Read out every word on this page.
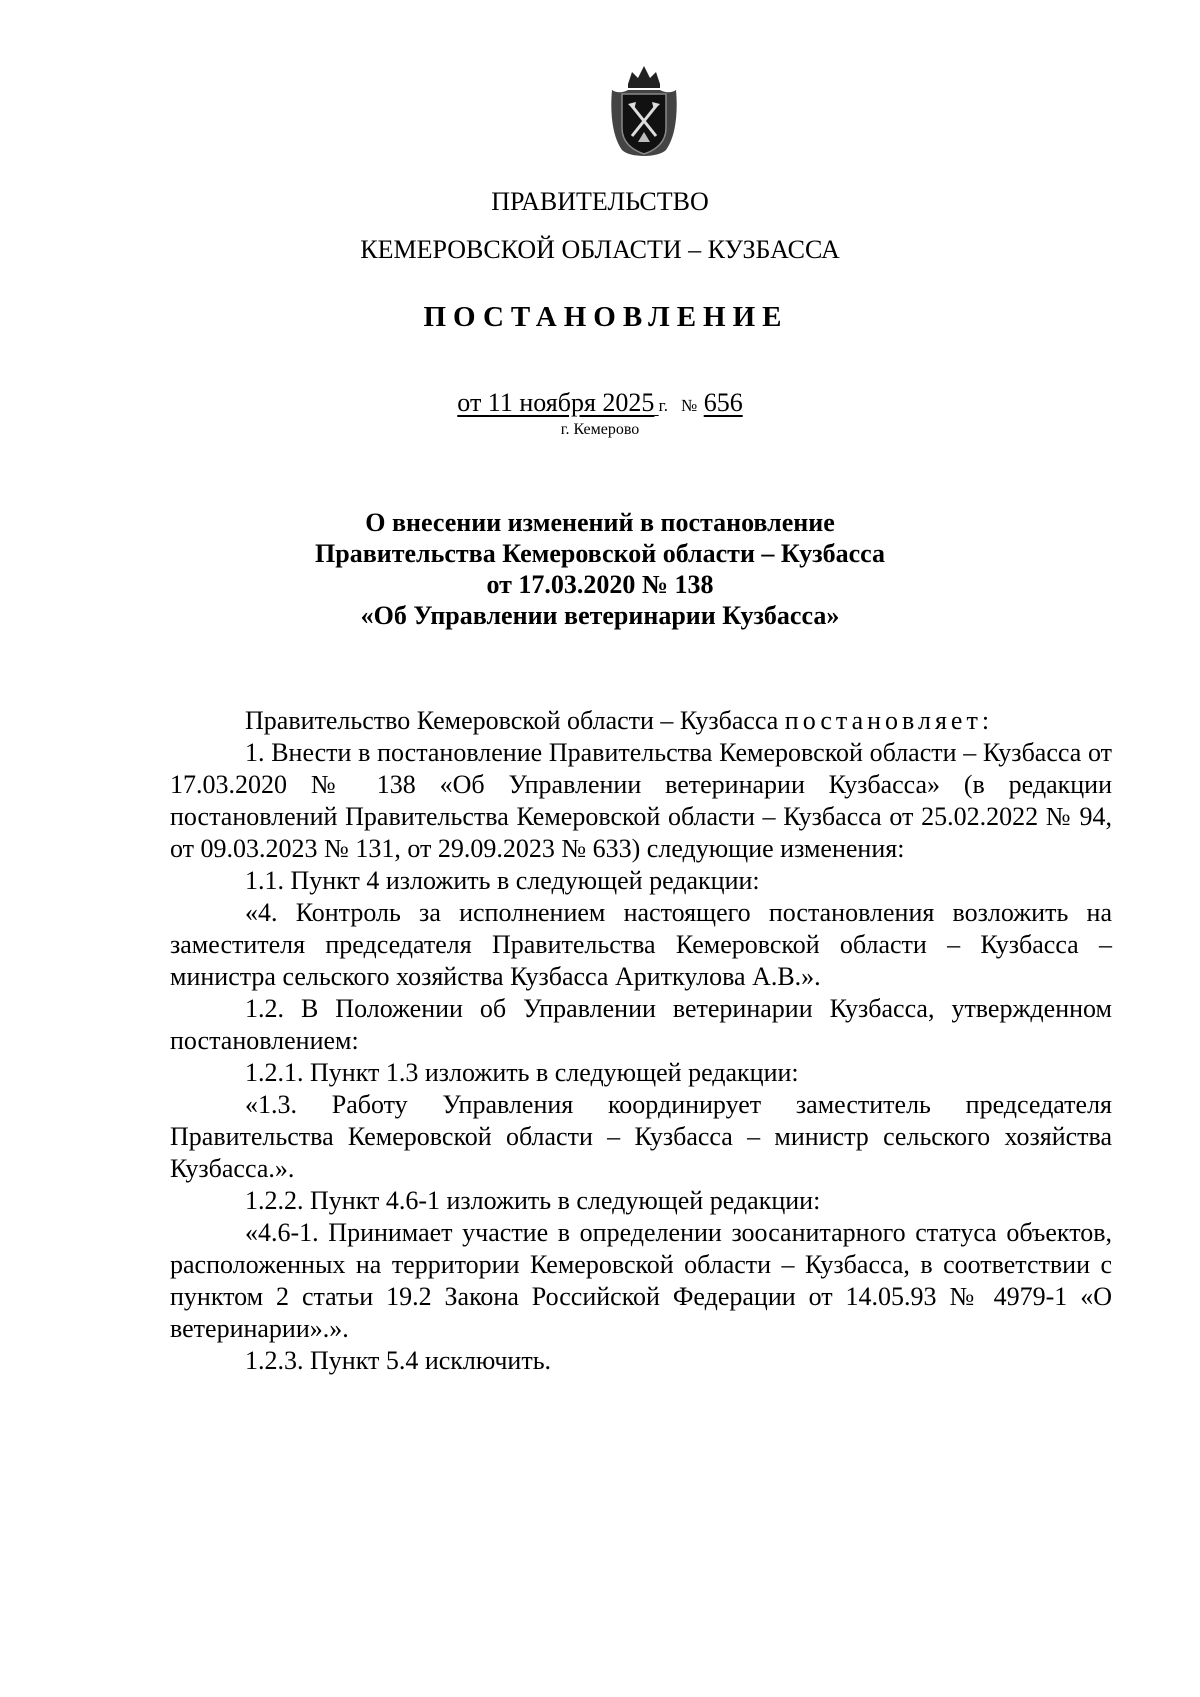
ПРАВИТЕЛЬСТВО
КЕМЕРОВСКОЙ ОБЛАСТИ – КУЗБАССА
ПОСТАНОВЛЕНИЕ
от 11 ноября 2025 г. № 656
г. Кемерово
О внесении изменений в постановление
Правительства Кемеровской области – Кузбасса
от 17.03.2020 № 138
«Об Управлении ветеринарии Кузбасса»

Правительство Кемеровской области – Кузбасса постановляет:

1. Внести в постановление Правительства Кемеровской области – Кузбасса от 17.03.2020 № 138 «Об Управлении ветеринарии Кузбасса» (в редакции постановлений Правительства Кемеровской области – Кузбасса от 25.02.2022 № 94, от 09.03.2023 № 131, от 29.09.2023 № 633) следующие изменения:

1.1. Пункт 4 изложить в следующей редакции:

«4. Контроль за исполнением настоящего постановления возложить на заместителя председателя Правительства Кемеровской области – Кузбасса – министра сельского хозяйства Кузбасса Ариткулова А.В.».

1.2. В Положении об Управлении ветеринарии Кузбасса, утвержденном постановлением:

1.2.1. Пункт 1.3 изложить в следующей редакции:

«1.3. Работу Управления координирует заместитель председателя Правительства Кемеровской области – Кузбасса – министр сельского хозяйства Кузбасса.».

1.2.2. Пункт 4.6-1 изложить в следующей редакции:

«4.6-1. Принимает участие в определении зоосанитарного статуса объектов, расположенных на территории Кемеровской области – Кузбасса, в соответствии с пунктом 2 статьи 19.2 Закона Российской Федерации от 14.05.93 № 4979-1 «О ветеринарии».».

1.2.3. Пункт 5.4 исключить.
